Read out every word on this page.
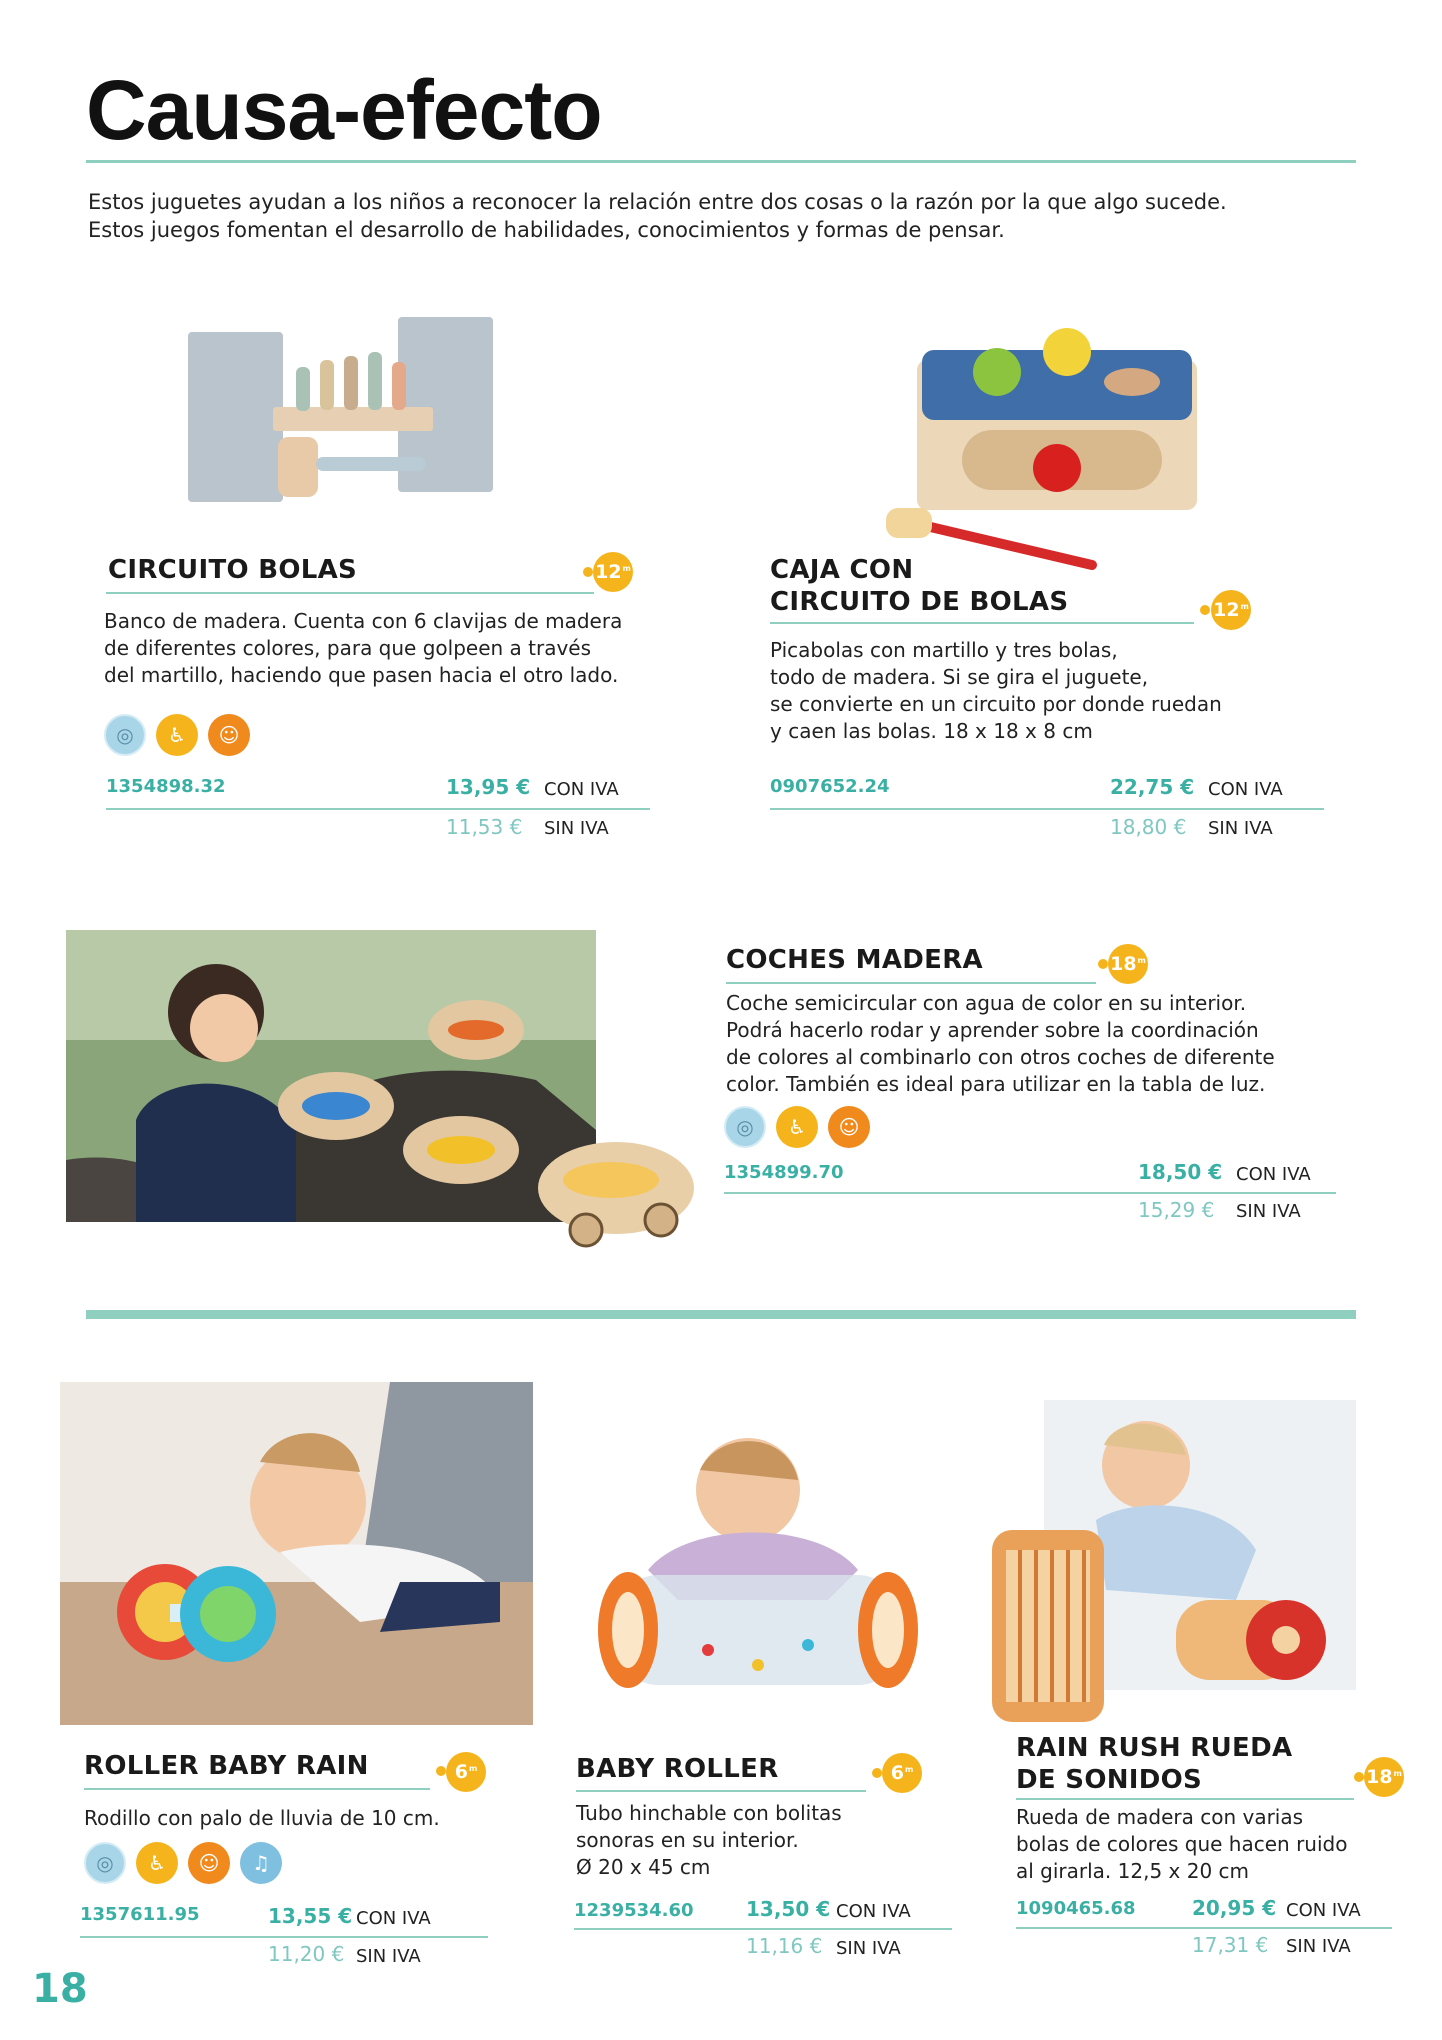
Causa-efecto
Estos juguetes ayudan a los niños a reconocer la relación entre dos cosas o la razón por la que algo sucede.
Estos juegos fomentan el desarrollo de habilidades, conocimientos y formas de pensar.
CIRCUITO BOLAS	12$^m$
Banco de madera. Cuenta con 6 clavijas de madera
de diferentes colores, para que golpeen a través
del martillo, haciendo que pasen hacia el otro lado.
◎	♿	☺
1354898.32	13,95 € CON IVA
11,53 € SIN IVA
CAJA CON
CIRCUITO DE BOLAS	12$^m$
Picabolas con martillo y tres bolas,
todo de madera. Si se gira el juguete,
se convierte en un circuito por donde ruedan
y caen las bolas. 18 x 18 x 8 cm
0907652.24	22,75 € CON IVA
18,80 € SIN IVA
COCHES MADERA	18$^m$
Coche semicircular con agua de color en su interior.
Podrá hacerlo rodar y aprender sobre la coordinación
de colores al combinarlo con otros coches de diferente
color. También es ideal para utilizar en la tabla de luz.
◎	♿	☺
1354899.70	18,50 € CON IVA
15,29 € SIN IVA
ROLLER BABY RAIN	6$^m$
Rodillo con palo de lluvia de 10 cm.
◎	♿	☺	♫
1357611.95	13,55 € CON IVA
11,20 € SIN IVA
BABY ROLLER	6$^m$
Tubo hinchable con bolitas
sonoras en su interior.
Ø 20 x 45 cm
1239534.60	13,50 € CON IVA
11,16 € SIN IVA
RAIN RUSH RUEDA
DE SONIDOS	18$^m$
Rueda de madera con varias
bolas de colores que hacen ruido
al girarla. 12,5 x 20 cm
1090465.68	20,95 € CON IVA
17,31 € SIN IVA
18
